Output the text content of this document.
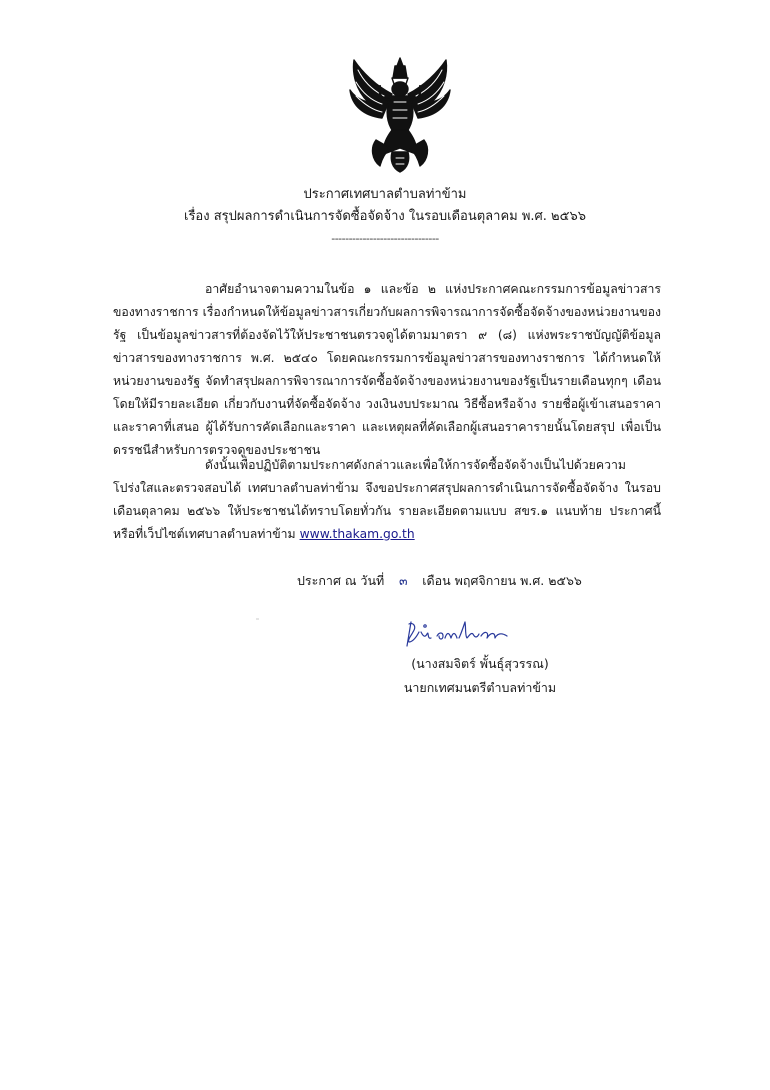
ประกาศเทศบาลตำบลท่าข้าม
เรื่อง สรุปผลการดำเนินการจัดซื้อจัดจ้าง ในรอบเดือนตุลาคม พ.ศ. ๒๕๖๖
-------------------------------
อาศัยอำนาจตามความในข้อ ๑ และข้อ ๒ แห่งประกาศคณะกรรมการข้อมูลข่าวสารของทางราชการ เรื่องกำหนดให้ข้อมูลข่าวสารเกี่ยวกับผลการพิจารณาการจัดซื้อจัดจ้างของหน่วยงานของรัฐ เป็นข้อมูลข่าวสารที่ต้องจัดไว้ให้ประชาชนตรวจดูได้ตามมาตรา ๙ (๘) แห่งพระราชบัญญัติข้อมูลข่าวสารของทางราชการ พ.ศ. ๒๕๔๐ โดยคณะกรรมการข้อมูลข่าวสารของทางราชการ ได้กำหนดให้หน่วยงานของรัฐ จัดทำสรุปผลการพิจารณาการจัดซื้อจัดจ้างของหน่วยงานของรัฐเป็นรายเดือนทุกๆ เดือน โดยให้มีรายละเอียด เกี่ยวกับงานที่จัดซื้อจัดจ้าง วงเงินงบประมาณ วิธีซื้อหรือจ้าง รายชื่อผู้เข้าเสนอราคาและราคาที่เสนอ ผู้ได้รับการคัดเลือกและราคา และเหตุผลที่คัดเลือกผู้เสนอราคารายนั้นโดยสรุป เพื่อเป็นดรรชนีสำหรับการตรวจดูของประชาชน
ดังนั้นเพื่อปฏิบัติตามประกาศดังกล่าวและเพื่อให้การจัดซื้อจัดจ้างเป็นไปด้วยความโปร่งใสและตรวจสอบได้ เทศบาลตำบลท่าข้าม จึงขอประกาศสรุปผลการดำเนินการจัดซื้อจัดจ้าง ในรอบเดือนตุลาคม ๒๕๖๖ ให้ประชาชนได้ทราบโดยทั่วกัน รายละเอียดตามแบบ สขร.๑ แนบท้าย ประกาศนี้ หรือที่เว็ปไซต์เทศบาลตำบลท่าข้าม www.thakam.go.th
ประกาศ ณ วันที่ ๓ เดือน พฤศจิกายน พ.ศ. ๒๕๖๖
(นางสมจิตร์ พั้นธุ์สุวรรณ)
นายกเทศมนตรีตำบลท่าข้าม
